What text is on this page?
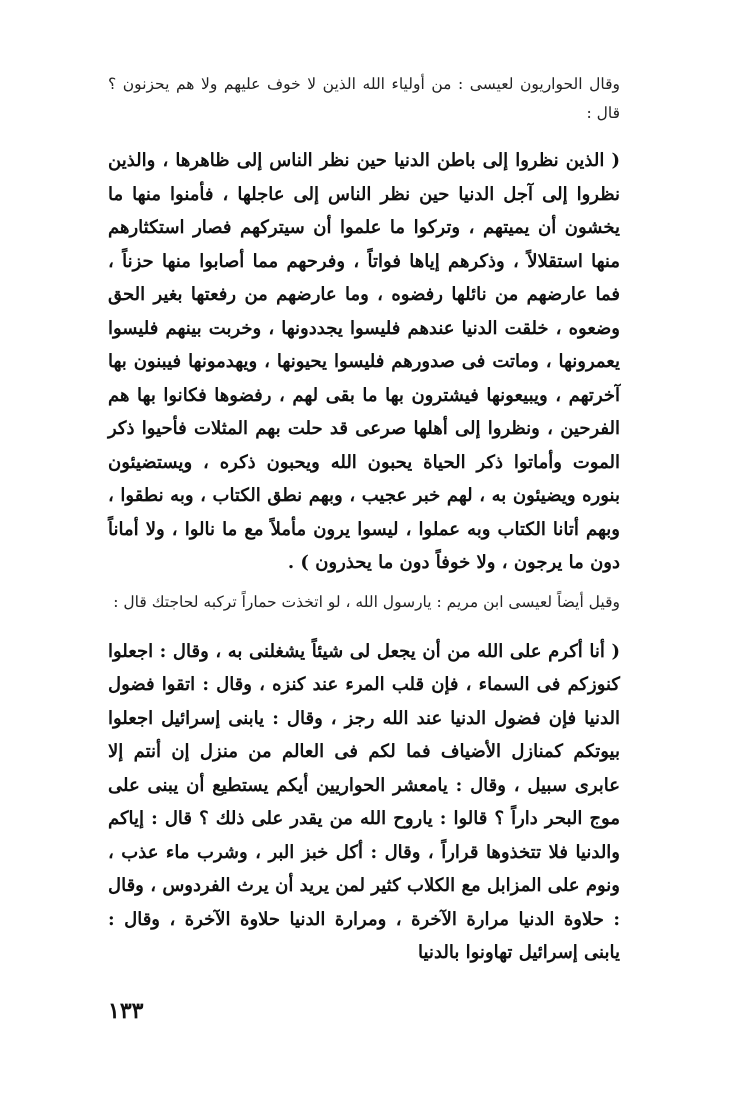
وقال الحواريون لعيسى : من أولياء الله الذين لا خوف عليهم ولا هم يحزنون ؟ قال :

( الذين نظروا إلى باطن الدنيا حين نظر الناس إلى ظاهرها ، والذين نظروا إلى آجل الدنيا حين نظر الناس إلى عاجلها ، فأمنوا منها ما يخشون أن يميتهم ، وتركوا ما علموا أن سيتركهم فصار استكثارهم منها استقلالاً ، وذكرهم إياها فواتاً ، وفرحهم مما أصابوا منها حزناً ، فما عارضهم من نائلها رفضوه ، وما عارضهم من رفعتها بغير الحق وضعوه ، خلقت الدنيا عندهم فليسوا يجددونها ، وخربت بينهم فليسوا يعمرونها ، وماتت فى صدورهم فليسوا يحيونها ، ويهدمونها فيبنون بها آخرتهم ، ويبيعونها فيشترون بها ما بقى لهم ، رفضوها فكانوا بها هم الفرحين ، ونظروا إلى أهلها صرعى قد حلت بهم المثلات فأحيوا ذكر الموت وأماتوا ذكر الحياة يحبون الله ويحبون ذكره ، ويستضيئون بنوره ويضيئون به ، لهم خبر عجيب ، وبهم نطق الكتاب ، وبه نطقوا ، وبهم أتانا الكتاب وبه عملوا ، ليسوا يرون مأملاً مع ما نالوا ، ولا أماناً دون ما يرجون ، ولا خوفاً دون ما يحذرون ) .

وقيل أيضاً لعيسى ابن مريم : يارسول الله ، لو اتخذت حماراً تركبه لحاجتك قال :

( أنا أكرم على الله من أن يجعل لى شيئاً يشغلنى به ، وقال : اجعلوا كنوزكم فى السماء ، فإن قلب المرء عند كنزه ، وقال : اتقوا فضول الدنيا فإن فضول الدنيا عند الله رجز ، وقال : يابنى إسرائيل اجعلوا بيوتكم كمنازل الأضياف فما لكم فى العالم من منزل إن أنتم إلا عابرى سبيل ، وقال : يامعشر الحواريين أيكم يستطيع أن يبنى على موج البحر داراً ؟ قالوا : ياروح الله من يقدر على ذلك ؟ قال : إياكم والدنيا فلا تتخذوها قراراً ، وقال : أكل خبز البر ، وشرب ماء عذب ، ونوم على المزابل مع الكلاب كثير لمن يريد أن يرث الفردوس ، وقال : حلاوة الدنيا مرارة الآخرة ، ومرارة الدنيا حلاوة الآخرة ، وقال : يابنى إسرائيل تهاونوا بالدنيا

١٣٣
